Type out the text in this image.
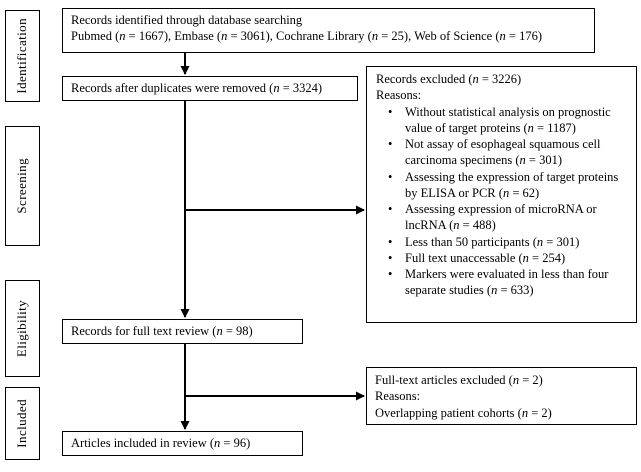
Identification
Screening
Eligibility
Included
Records identified through database searching
Pubmed (n = 1667), Embase (n = 3061), Cochrane Library (n = 25), Web of Science (n = 176)
Records after duplicates were removed (n = 3324)
Records excluded (n = 3226)
Reasons:
• Without statistical analysis on prognostic value of target proteins (n = 1187)
• Not assay of esophageal squamous cell carcinoma specimens (n = 301)
• Assessing the expression of target proteins by ELISA or PCR (n = 62)
• Assessing expression of microRNA or lncRNA (n = 488)
• Less than 50 participants (n = 301)
• Full text unaccessable (n = 254)
• Markers were evaluated in less than four separate studies (n = 633)
Records for full text review (n = 98)
Full-text articles excluded (n = 2)
Reasons:
Overlapping patient cohorts (n = 2)
Articles included in review (n = 96)
